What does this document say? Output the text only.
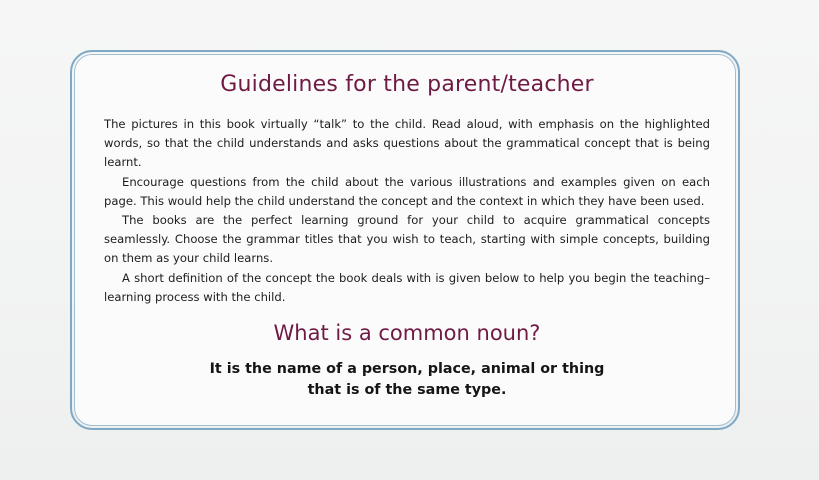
Guidelines for the parent/teacher

The pictures in this book virtually “talk” to the child. Read aloud, with emphasis on the highlighted words, so that the child understands and asks questions about the grammatical concept that is being learnt.

Encourage questions from the child about the various illustrations and examples given on each page. This would help the child understand the concept and the context in which they have been used.

The books are the perfect learning ground for your child to acquire grammatical concepts seamlessly. Choose the grammar titles that you wish to teach, starting with simple concepts, building on them as your child learns.

A short definition of the concept the book deals with is given below to help you begin the teaching–learning process with the child.

What is a common noun?

It is the name of a person, place, animal or thing that is of the same type.
